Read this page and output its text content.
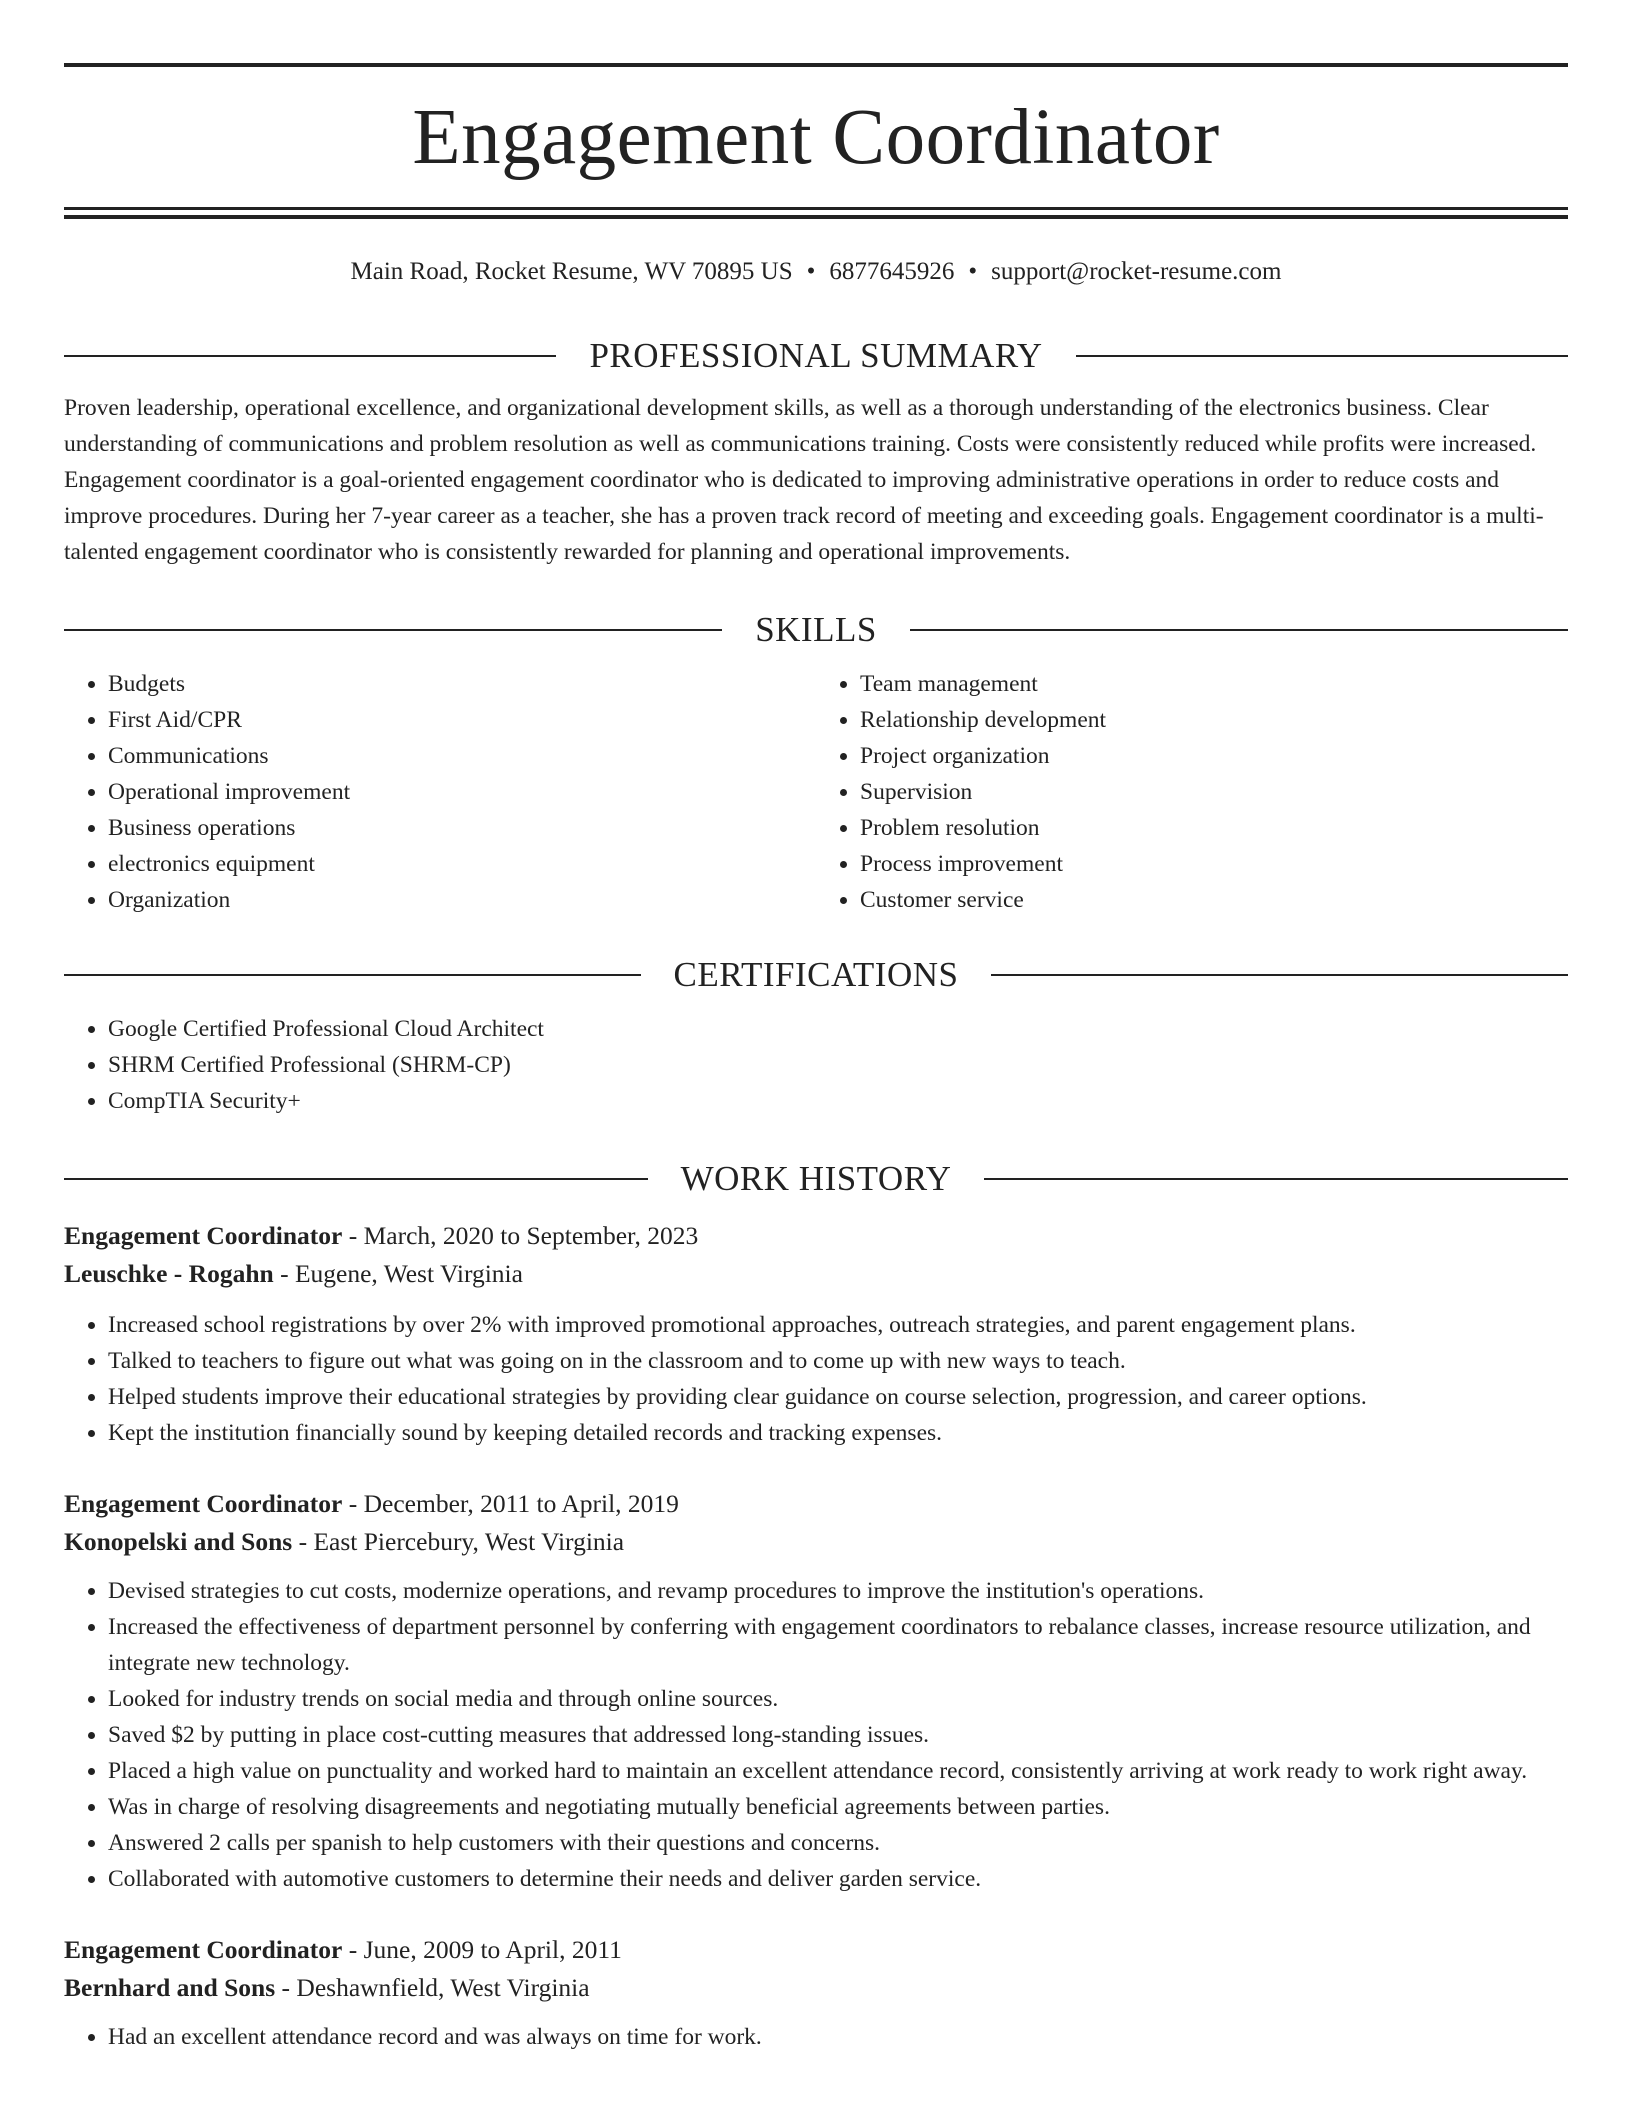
Engagement Coordinator
Main Road, Rocket Resume, WV 70895 US • 6877645926 • support@rocket-resume.com
PROFESSIONAL SUMMARY

Proven leadership, operational excellence, and organizational development skills, as well as a thorough understanding of the electronics business. Clear understanding of communications and problem resolution as well as communications training. Costs were consistently reduced while profits were increased. Engagement coordinator is a goal-oriented engagement coordinator who is dedicated to improving administrative operations in order to reduce costs and improve procedures. During her 7-year career as a teacher, she has a proven track record of meeting and exceeding goals. Engagement coordinator is a multi-talented engagement coordinator who is consistently rewarded for planning and operational improvements.

SKILLS
• Budgets
• First Aid/CPR
• Communications
• Operational improvement
• Business operations
• electronics equipment
• Organization
• Team management
• Relationship development
• Project organization
• Supervision
• Problem resolution
• Process improvement
• Customer service
CERTIFICATIONS
• Google Certified Professional Cloud Architect
• SHRM Certified Professional (SHRM-CP)
• CompTIA Security+
WORK HISTORY
Engagement Coordinator - March, 2020 to September, 2023
Leuschke - Rogahn - Eugene, West Virginia
• Increased school registrations by over 2% with improved promotional approaches, outreach strategies, and parent engagement plans.
• Talked to teachers to figure out what was going on in the classroom and to come up with new ways to teach.
• Helped students improve their educational strategies by providing clear guidance on course selection, progression, and career options.
• Kept the institution financially sound by keeping detailed records and tracking expenses.
Engagement Coordinator - December, 2011 to April, 2019
Konopelski and Sons - East Piercebury, West Virginia
• Devised strategies to cut costs, modernize operations, and revamp procedures to improve the institution's operations.
• Increased the effectiveness of department personnel by conferring with engagement coordinators to rebalance classes, increase resource utilization, and integrate new technology.
• Looked for industry trends on social media and through online sources.
• Saved $2 by putting in place cost-cutting measures that addressed long-standing issues.
• Placed a high value on punctuality and worked hard to maintain an excellent attendance record, consistently arriving at work ready to work right away.
• Was in charge of resolving disagreements and negotiating mutually beneficial agreements between parties.
• Answered 2 calls per spanish to help customers with their questions and concerns.
• Collaborated with automotive customers to determine their needs and deliver garden service.
Engagement Coordinator - June, 2009 to April, 2011
Bernhard and Sons - Deshawnfield, West Virginia
• Had an excellent attendance record and was always on time for work.
